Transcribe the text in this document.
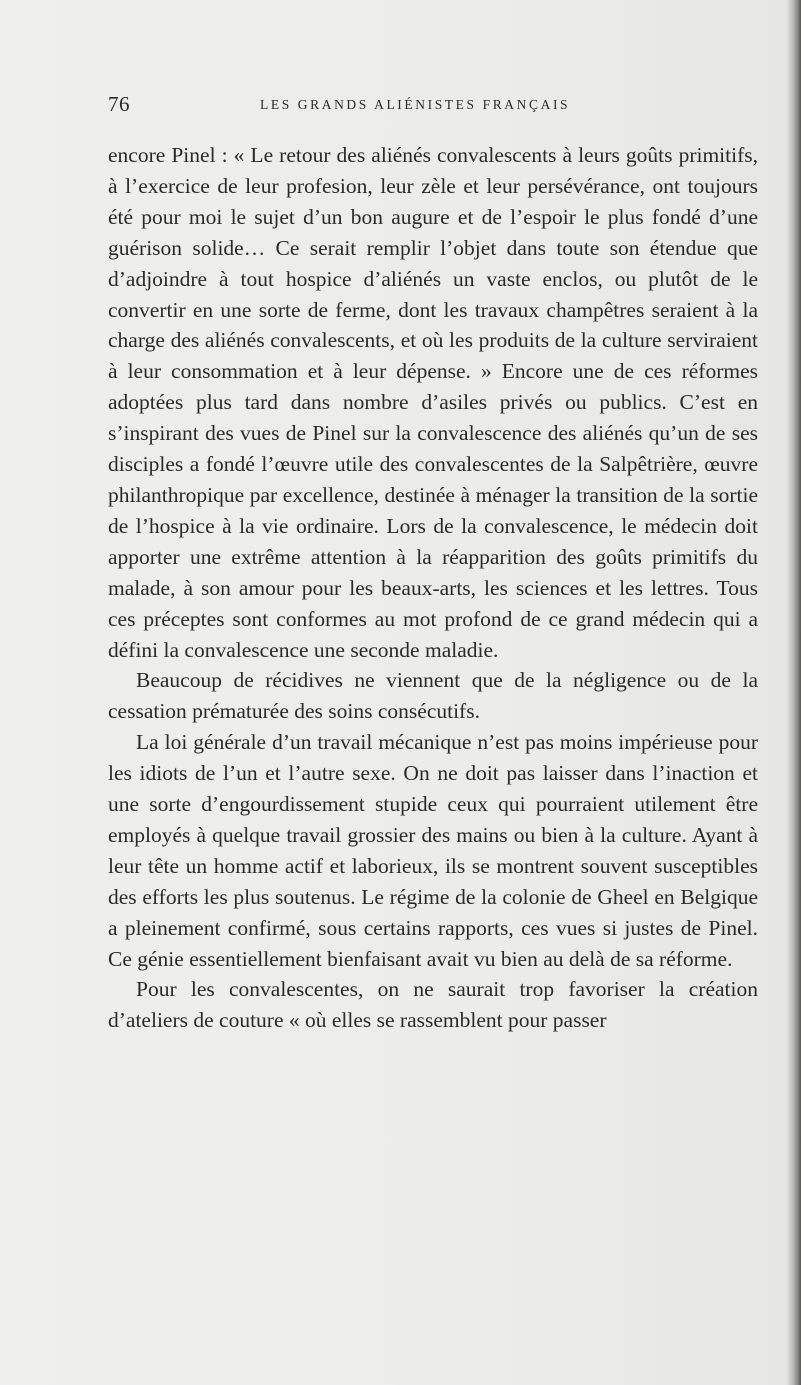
76	LES GRANDS ALIÉNISTES FRANÇAIS

encore Pinel : « Le retour des aliénés convalescents à leurs goûts primitifs, à l’exercice de leur profesion, leur zèle et leur persévérance, ont toujours été pour moi le sujet d’un bon augure et de l’espoir le plus fondé d’une guérison solide… Ce serait remplir l’objet dans toute son étendue que d’adjoindre à tout hospice d’aliénés un vaste enclos, ou plutôt de le convertir en une sorte de ferme, dont les travaux champêtres seraient à la charge des aliénés convalescents, et où les produits de la culture serviraient à leur consommation et à leur dépense. » Encore une de ces réformes adoptées plus tard dans nombre d’asiles privés ou publics. C’est en s’inspirant des vues de Pinel sur la convalescence des aliénés qu’un de ses disciples a fondé l’œuvre utile des convalescentes de la Salpêtrière, œuvre philanthropique par excellence, destinée à ménager la transition de la sortie de l’hospice à la vie ordinaire. Lors de la convalescence, le médecin doit apporter une extrême attention à la réapparition des goûts primitifs du malade, à son amour pour les beaux-arts, les sciences et les lettres. Tous ces préceptes sont conformes au mot profond de ce grand médecin qui a défini la convalescence une seconde maladie.

Beaucoup de récidives ne viennent que de la négligence ou de la cessation prématurée des soins consécutifs.

La loi générale d’un travail mécanique n’est pas moins impérieuse pour les idiots de l’un et l’autre sexe. On ne doit pas laisser dans l’inaction et une sorte d’engourdissement stupide ceux qui pourraient utilement être employés à quelque travail grossier des mains ou bien à la culture. Ayant à leur tête un homme actif et laborieux, ils se montrent souvent susceptibles des efforts les plus soutenus. Le régime de la colonie de Gheel en Belgique a pleinement confirmé, sous certains rapports, ces vues si justes de Pinel. Ce génie essentiellement bienfaisant avait vu bien au delà de sa réforme.

Pour les convalescentes, on ne saurait trop favoriser la création d’ateliers de couture « où elles se rassemblent pour passer
